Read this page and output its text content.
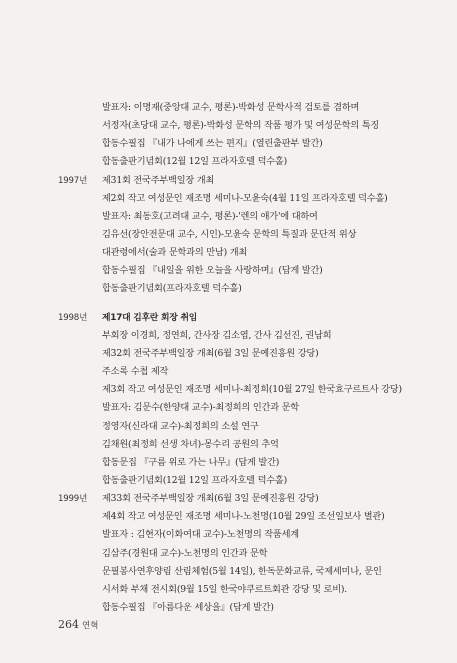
발표자: 이명재(중앙대 교수, 평론)-박화성 문학사적 검토를 겸하며
서정자(초당대 교수, 평론)-박화성 문학의 작품 평가 및 여성문학의 특징
합동수필집 『내가 나에게 쓰는 편지』(열린출판부 발간)
합동출판기념회(12월 12일 프라자호텔 덕수홀)
1997년 제31회 전국주부백일장 개최
제2회 작고 여성문인 재조명 세미나-모윤숙(4월 11일 프라자호텔 덕수홀)
발표자: 최동호(고려대 교수, 평론)-'렌의 애가'에 대하여
김유선(장안전문대 교수, 시인)-모윤숙 문학의 특질과 문단적 위상
대관령에서(술과 문학과의 만남) 개최
합동수필집 『내일을 위한 오늘을 사랑하며』(답게 발간)
합동출판기념회(프라자호텔 덕수홀)
1998년 제17대 김후란 회장 취임
부회장 이경희, 정연희, 간사장 김소엽, 간사 김선진, 권남희
제32회 전국주부백일장 개최(6월 3일 문예진흥원 강당)
주소록 수첩 제작
제3회 작고 여성문인 재조명 세미나-최정희(10월 27일 한국효구르트사 강당)
발표자: 김문수(한양대 교수)-최정희의 인간과 문학
정영자(신라대 교수)-최정희의 소설 연구
김채원(최정희 선생 차녀)-몽수리 공원의 추억
합동문집 『구름 위로 가는 나무』(답게 발간)
합동출판기념회(12월 12일 프라자호텔 덕수홀)
1999년 제33회 전국주부백일장 개최(6월 3일 문예진흥원 강당)
제4회 작고 여성문인 재조명 세미나-노천명(10월 29일 조선일보사 별관)
발표자 : 김현자(이화여대 교수)-노천명의 작품세계
김삼주(경원대 교수)-노천명의 인간과 문학
문필봉사연후양림 산림체험(5월 14일), 한독문화교류, 국제세미나, 문인
시서화 부채 전시회(9월 15일 한국야쿠르트회관 강당 및 로비).
합동수필집 『아름다운 세상을』(답게 발간)
264 연혁
